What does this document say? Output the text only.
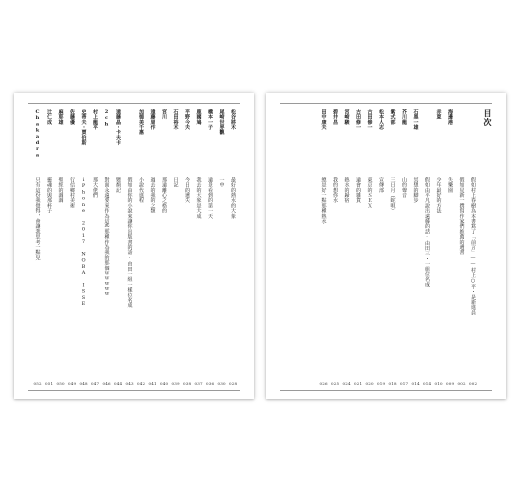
松谷將木
最好的熱水的大象
028
尾崎世界觀
一中
030
橋本一子
遠景看到的第一天
036
鹿國鳩
我去的大象是大成
037
平野今夫
今日的遺失
038
石田裕木
日記
039
宮川
那遠離心之格的
040
遠藤周作
過去的我的之類
041
加德美千惠
小說代進程
042
假如由你的小說來讓你出版書的話·由田一組一樣位名成
043
遠藤晶・卡夫卡
變顏記
044
2ch
對面永遠要來作為這些那種作為我的那個ｗｗｗｗｗ
046
村上龍平
那大佬們
047
史蒂夫・賈伯斯
iPhone 2017 NOBA ISSE
048
佐藤優
行信鄉村美術
049
麻耶雄
聖經的調調
050
辻仁成
靈魂的與那杯子
051
Chakadra
只有這份我覺得，會讓我思考一點兒
052
目次
假如村上春樹為本書寫了「前言」——村上○平・是新進員
002
假如星新一撰寫作家們推薦的遺書
002
海邊港
失樂園
009
赤夏
少年最好的方法
010
假如由平凡說出遠藤的話·由田三・一組位名成
014
石黑一雄
冥想的脚步
014
芥川龍
山的聲音
017
紫式部
三日月（蛇唄）
018
松本人志
宣傳部
019
古田修一
東京的ＳＥＸ
020
古田修一
遠會的雜貨
021
宮崎駿
熱水的歸宿
024
碧井昌
我的想你水
025
田中康夫
總是好一點那種熱水
026
